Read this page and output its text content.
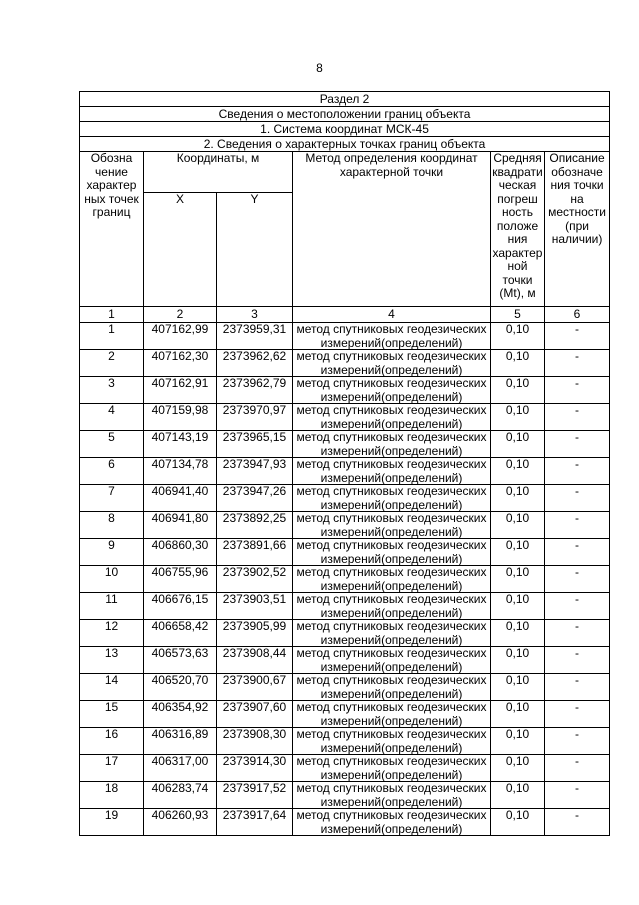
8
Раздел 2					
Сведения о местоположении границ объекта					
1. Система координат МСК-45					
2. Сведения о характерных точках границ объекта					
Обозна чение характер ных точек границ	Координаты, м		Метод определения координат характерной точки	Средняя квадрати ческая погреш ность положе ния характер ной точки (Mt), м	Описание обозначе ния точки на местности (при наличии)

	X	Y			
1	2	3	4	5	6
1	407162,99	2373959,31	метод спутниковых геодезических измерений(определений)	0,10	-
2	407162,30	2373962,62	метод спутниковых геодезических измерений(определений)	0,10	-
3	407162,91	2373962,79	метод спутниковых геодезических измерений(определений)	0,10	-
4	407159,98	2373970,97	метод спутниковых геодезических измерений(определений)	0,10	-
5	407143,19	2373965,15	метод спутниковых геодезических измерений(определений)	0,10	-
6	407134,78	2373947,93	метод спутниковых геодезических измерений(определений)	0,10	-
7	406941,40	2373947,26	метод спутниковых геодезических измерений(определений)	0,10	-
8	406941,80	2373892,25	метод спутниковых геодезических измерений(определений)	0,10	-
9	406860,30	2373891,66	метод спутниковых геодезических измерений(определений)	0,10	-
10	406755,96	2373902,52	метод спутниковых геодезических измерений(определений)	0,10	-
11	406676,15	2373903,51	метод спутниковых геодезических измерений(определений)	0,10	-
12	406658,42	2373905,99	метод спутниковых геодезических измерений(определений)	0,10	-
13	406573,63	2373908,44	метод спутниковых геодезических измерений(определений)	0,10	-
14	406520,70	2373900,67	метод спутниковых геодезических измерений(определений)	0,10	-
15	406354,92	2373907,60	метод спутниковых геодезических измерений(определений)	0,10	-
16	406316,89	2373908,30	метод спутниковых геодезических измерений(определений)	0,10	-
17	406317,00	2373914,30	метод спутниковых геодезических измерений(определений)	0,10	-
18	406283,74	2373917,52	метод спутниковых геодезических измерений(определений)	0,10	-
19	406260,93	2373917,64	метод спутниковых геодезических измерений(определений)	0,10	-
